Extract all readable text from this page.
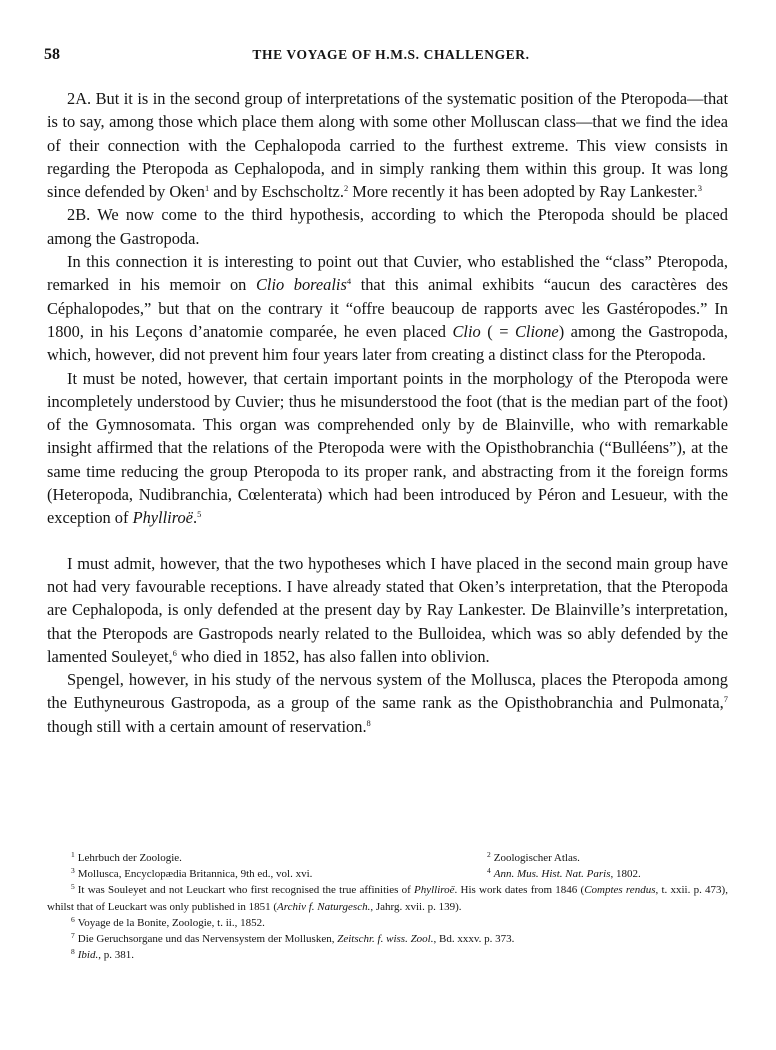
58	THE VOYAGE OF H.M.S. CHALLENGER.

2A. But it is in the second group of interpretations of the systematic position of the Pteropoda—that is to say, among those which place them along with some other Molluscan class—that we find the idea of their connection with the Cephalopoda carried to the furthest extreme. This view consists in regarding the Pteropoda as Cephalopoda, and in simply ranking them within this group. It was long since defended by Oken$^1$ and by Eschscholtz.$^2$ More recently it has been adopted by Ray Lankester.$^3$

2B. We now come to the third hypothesis, according to which the Pteropoda should be placed among the Gastropoda.

In this connection it is interesting to point out that Cuvier, who established the “class” Pteropoda, remarked in his memoir on Clio borealis$^4$ that this animal exhibits “aucun des caractères des Céphalopodes,” but that on the contrary it “offre beaucoup de rapports avec les Gastéropodes.” In 1800, in his Leçons d’anatomie comparée, he even placed Clio ( = Clione) among the Gastropoda, which, however, did not prevent him four years later from creating a distinct class for the Pteropoda.

It must be noted, however, that certain important points in the morphology of the Pteropoda were incompletely understood by Cuvier; thus he misunderstood the foot (that is the median part of the foot) of the Gymnosomata. This organ was comprehended only by de Blainville, who with remarkable insight affirmed that the relations of the Pteropoda were with the Opisthobranchia (“Bulléens”), at the same time reducing the group Pteropoda to its proper rank, and abstracting from it the foreign forms (Heteropoda, Nudibranchia, Cœlenterata) which had been introduced by Péron and Lesueur, with the exception of Phylliroë.$^5$

I must admit, however, that the two hypotheses which I have placed in the second main group have not had very favourable receptions. I have already stated that Oken’s interpretation, that the Pteropoda are Cephalopoda, is only defended at the present day by Ray Lankester. De Blainville’s interpretation, that the Pteropods are Gastropods nearly related to the Bulloidea, which was so ably defended by the lamented Souleyet,$^6$ who died in 1852, has also fallen into oblivion.

Spengel, however, in his study of the nervous system of the Mollusca, places the Pteropoda among the Euthyneurous Gastropoda, as a group of the same rank as the Opisthobranchia and Pulmonata,$^7$ though still with a certain amount of reservation.$^8$

$^1$ Lehrbuch der Zoologie.	$^2$ Zoologischer Atlas.
$^3$ Mollusca, Encyclopædia Britannica, 9th ed., vol. xvi.	$^4$ Ann. Mus. Hist. Nat. Paris, 1802.

$^5$ It was Souleyet and not Leuckart who first recognised the true affinities of Phylliroë. His work dates from 1846 (Comptes rendus, t. xxii. p. 473), whilst that of Leuckart was only published in 1851 (Archiv f. Naturgesch., Jahrg. xvii. p. 139).

$^6$ Voyage de la Bonite, Zoologie, t. ii., 1852.

$^7$ Die Geruchsorgane und das Nervensystem der Mollusken, Zeitschr. f. wiss. Zool., Bd. xxxv. p. 373.

$^8$ Ibid., p. 381.
